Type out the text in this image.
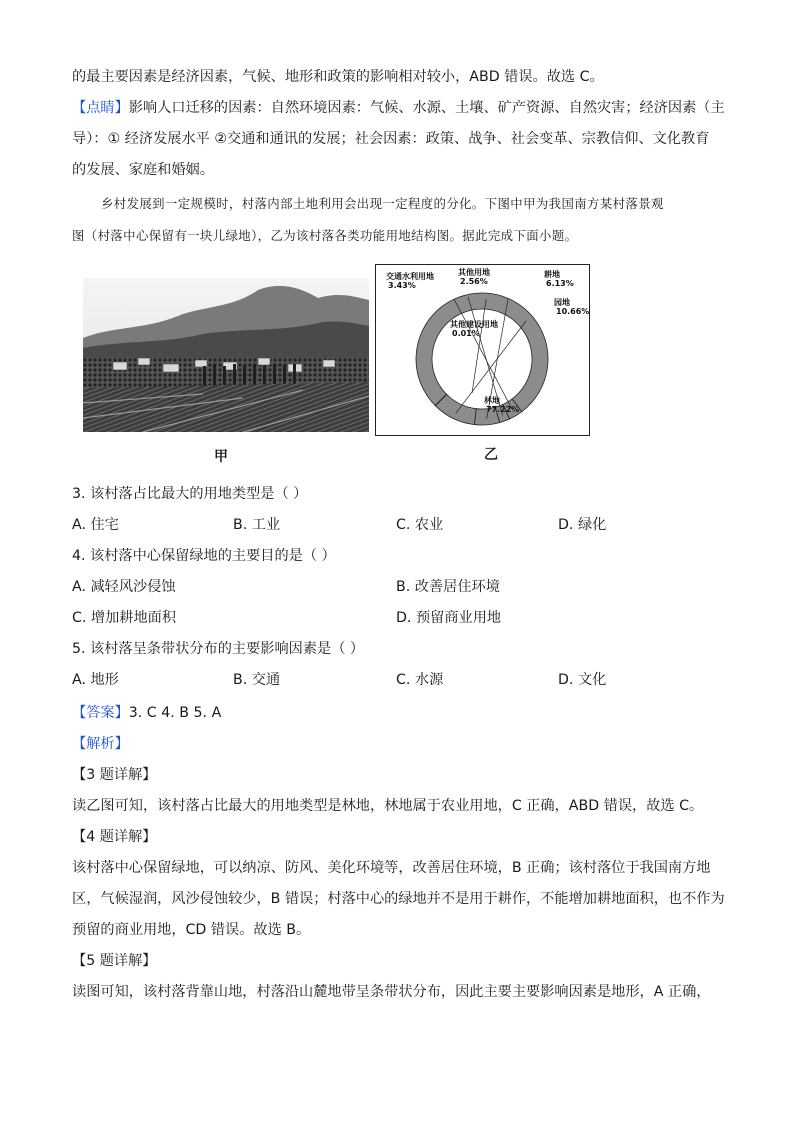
的最主要因素是经济因素，气候、地形和政策的影响相对较小，ABD 错误。故选 C。
【点睛】影响人口迁移的因素：自然环境因素：气候、水源、土壤、矿产资源、自然灾害；经济因素（主
导）：① 经济发展水平 ②交通和通讯的发展；社会因素：政策、战争、社会变革、宗教信仰、文化教育
的发展、家庭和婚姻。
乡村发展到一定规模时，村落内部土地利用会出现一定程度的分化。下图中甲为我国南方某村落景观
图（村落中心保留有一块儿绿地），乙为该村落各类功能用地结构图。据此完成下面小题。
林地
77.22%
交通水利用地
3.43%
其他用地
2.56%
耕地
6.13%
园地
10.66%
其他建设用地
0.01%
甲	乙
3. 该村落占比最大的用地类型是（ ）
A. 住宅	B. 工业	C. 农业	D. 绿化
4. 该村落中心保留绿地的主要目的是（ ）
A. 减轻风沙侵蚀	B. 改善居住环境
C. 增加耕地面积	D. 预留商业用地
5. 该村落呈条带状分布的主要影响因素是（ ）
A. 地形	B. 交通	C. 水源	D. 文化
【答案】3. C 4. B 5. A
【解析】
【3 题详解】
读乙图可知，该村落占比最大的用地类型是林地，林地属于农业用地，C 正确，ABD 错误，故选 C。
【4 题详解】
该村落中心保留绿地，可以纳凉、防风、美化环境等，改善居住环境，B 正确；该村落位于我国南方地
区，气候湿润，风沙侵蚀较少，B 错误；村落中心的绿地并不是用于耕作，不能增加耕地面积，也不作为
预留的商业用地，CD 错误。故选 B。
【5 题详解】
读图可知，该村落背靠山地，村落沿山麓地带呈条带状分布，因此主要主要影响因素是地形，A 正确，
